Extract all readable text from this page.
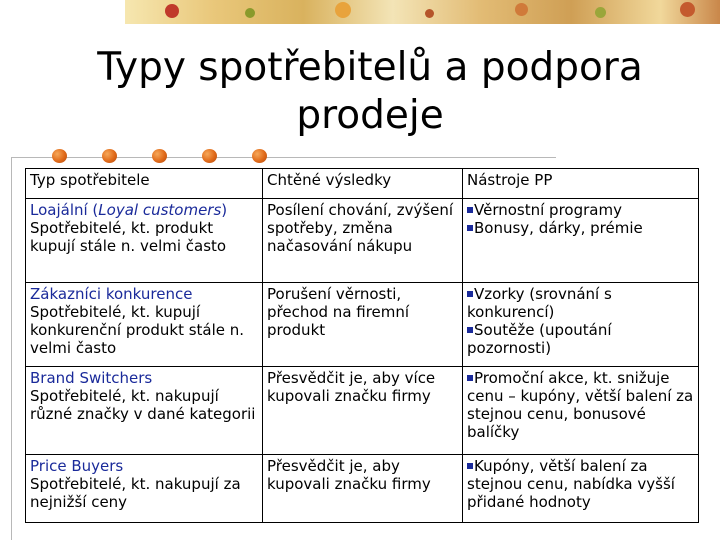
Typy spotřebitelů a podpora prodeje
Typ spotřebitele	Chtěné výsledky	Nástroje PP

Loajální (Loyal customers)
Spotřebitelé, kt. produkt kupují stále n. velmi často	Posílení chování, zvýšení spotřeby, změna načasování nákupu	Věrnostní programy
Bonusy, dárky, prémie

Zákazníci konkurence
Spotřebitelé, kt. kupují konkurenční produkt stále n. velmi často	Porušení věrnosti, přechod na firemní produkt	Vzorky (srovnání s konkurencí)
Soutěže (upoutání pozornosti)

Brand Switchers
Spotřebitelé, kt. nakupují různé značky v dané kategorii	Přesvědčit je, aby více kupovali značku firmy	Promoční akce, kt. snižuje cenu – kupóny, větší balení za stejnou cenu, bonusové balíčky

Price Buyers
Spotřebitelé, kt. nakupují za nejnižší ceny	Přesvědčit je, aby kupovali značku firmy	Kupóny, větší balení za stejnou cenu, nabídka vyšší přidané hodnoty
